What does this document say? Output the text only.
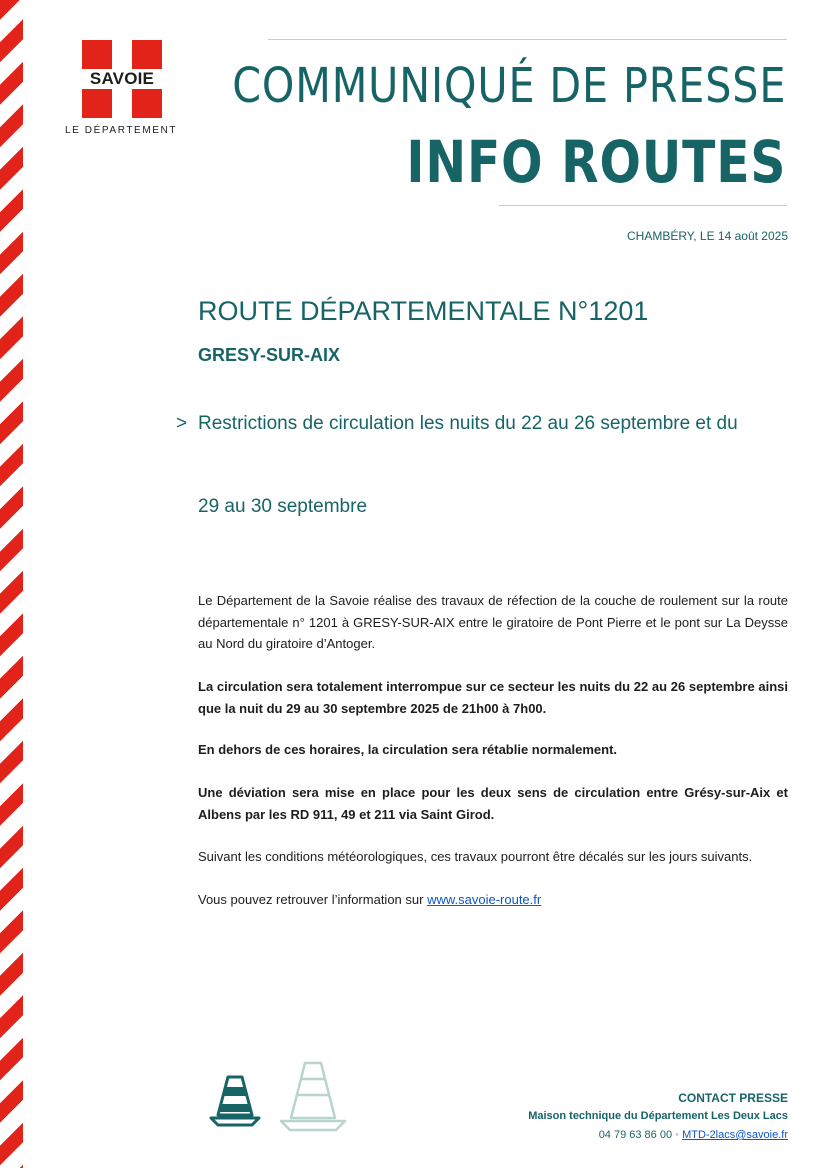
SAVOIE
LE DÉPARTEMENT
COMMUNIQUÉ DE PRESSE
INFO ROUTES
CHAMBÉRY, LE 14 août 2025
ROUTE DÉPARTEMENTALE N°1201
GRESY-SUR-AIX
> Restrictions de circulation les nuits du 22 au 26 septembre et du
29 au 30 septembre
Le Département de la Savoie réalise des travaux de réfection de la couche de roulement sur la route départementale n° 1201 à GRESY-SUR-AIX entre le giratoire de Pont Pierre et le pont sur La Deysse au Nord du giratoire d’Antoger.
La circulation sera totalement interrompue sur ce secteur les nuits du 22 au 26 septembre ainsi que la nuit du 29 au 30 septembre 2025 de 21h00 à 7h00.
En dehors de ces horaires, la circulation sera rétablie normalement.
Une déviation sera mise en place pour les deux sens de circulation entre Grésy-sur-Aix et Albens par les RD 911, 49 et 211 via Saint Girod.
Suivant les conditions météorologiques, ces travaux pourront être décalés sur les jours suivants.
Vous pouvez retrouver l’information sur www.savoie-route.fr
CONTACT PRESSE
Maison technique du Département Les Deux Lacs
04 79 63 86 00 • MTD-2lacs@savoie.fr
